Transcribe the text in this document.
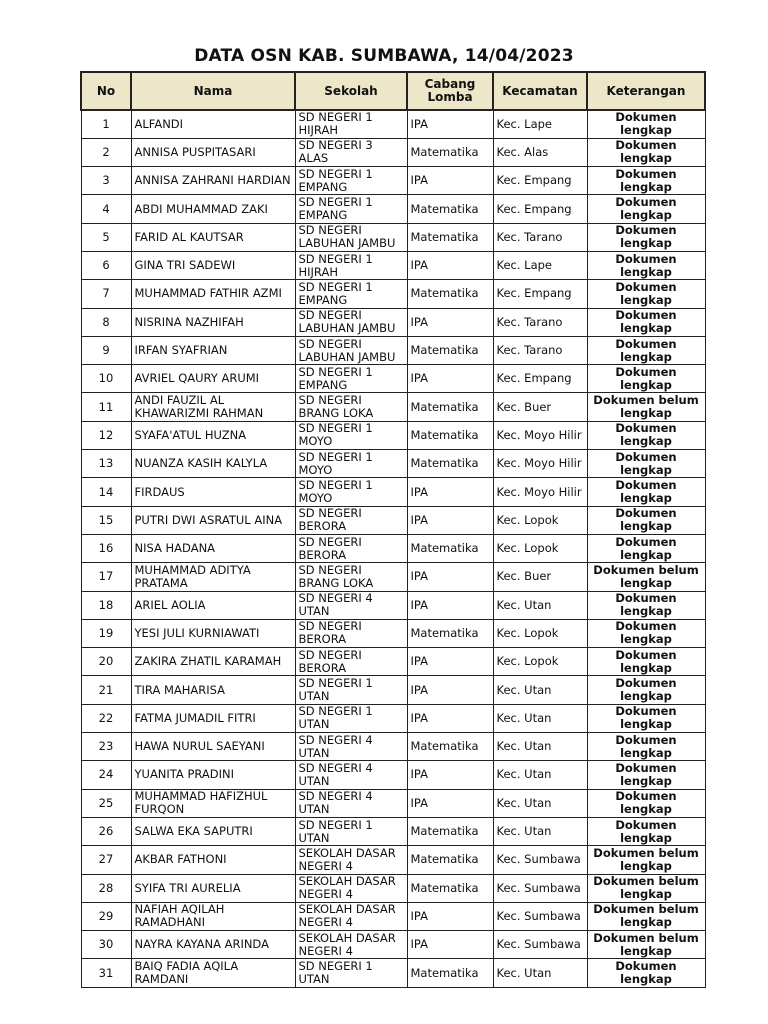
DATA OSN KAB. SUMBAWA, 14/04/2023
No	Nama	Sekolah	Cabang Lomba	Kecamatan	Keterangan
1	ALFANDI	SD NEGERI 1 HIJRAH	IPA	Kec. Lape	Dokumen lengkap
2	ANNISA PUSPITASARI	SD NEGERI 3 ALAS	Matematika	Kec. Alas	Dokumen lengkap
3	ANNISA ZAHRANI HARDIAN	SD NEGERI 1 EMPANG	IPA	Kec. Empang	Dokumen lengkap
4	ABDI MUHAMMAD ZAKI	SD NEGERI 1 EMPANG	Matematika	Kec. Empang	Dokumen lengkap
5	FARID AL KAUTSAR	SD NEGERI LABUHAN JAMBU	Matematika	Kec. Tarano	Dokumen lengkap
6	GINA TRI SADEWI	SD NEGERI 1 HIJRAH	IPA	Kec. Lape	Dokumen lengkap
7	MUHAMMAD FATHIR AZMI	SD NEGERI 1 EMPANG	Matematika	Kec. Empang	Dokumen lengkap
8	NISRINA NAZHIFAH	SD NEGERI LABUHAN JAMBU	IPA	Kec. Tarano	Dokumen lengkap
9	IRFAN SYAFRIAN	SD NEGERI LABUHAN JAMBU	Matematika	Kec. Tarano	Dokumen lengkap
10	AVRIEL QAURY ARUMI	SD NEGERI 1 EMPANG	IPA	Kec. Empang	Dokumen lengkap
11	ANDI FAUZIL AL KHAWARIZMI RAHMAN	SD NEGERI BRANG LOKA	Matematika	Kec. Buer	Dokumen belum lengkap
12	SYAFA'ATUL HUZNA	SD NEGERI 1 MOYO	Matematika	Kec. Moyo Hilir	Dokumen lengkap
13	NUANZA KASIH KALYLA	SD NEGERI 1 MOYO	Matematika	Kec. Moyo Hilir	Dokumen lengkap
14	FIRDAUS	SD NEGERI 1 MOYO	IPA	Kec. Moyo Hilir	Dokumen lengkap
15	PUTRI DWI ASRATUL AINA	SD NEGERI BERORA	IPA	Kec. Lopok	Dokumen lengkap
16	NISA HADANA	SD NEGERI BERORA	Matematika	Kec. Lopok	Dokumen lengkap
17	MUHAMMAD ADITYA PRATAMA	SD NEGERI BRANG LOKA	IPA	Kec. Buer	Dokumen belum lengkap
18	ARIEL AOLIA	SD NEGERI 4 UTAN	IPA	Kec. Utan	Dokumen lengkap
19	YESI JULI KURNIAWATI	SD NEGERI BERORA	Matematika	Kec. Lopok	Dokumen lengkap
20	ZAKIRA ZHATIL KARAMAH	SD NEGERI BERORA	IPA	Kec. Lopok	Dokumen lengkap
21	TIRA MAHARISA	SD NEGERI 1 UTAN	IPA	Kec. Utan	Dokumen lengkap
22	FATMA JUMADIL FITRI	SD NEGERI 1 UTAN	IPA	Kec. Utan	Dokumen lengkap
23	HAWA NURUL SAEYANI	SD NEGERI 4 UTAN	Matematika	Kec. Utan	Dokumen lengkap
24	YUANITA PRADINI	SD NEGERI 4 UTAN	IPA	Kec. Utan	Dokumen lengkap
25	MUHAMMAD HAFIZHUL FURQON	SD NEGERI 4 UTAN	IPA	Kec. Utan	Dokumen lengkap
26	SALWA EKA SAPUTRI	SD NEGERI 1 UTAN	Matematika	Kec. Utan	Dokumen lengkap
27	AKBAR FATHONI	SEKOLAH DASAR NEGERI 4	Matematika	Kec. Sumbawa	Dokumen belum lengkap
28	SYIFA TRI AURELIA	SEKOLAH DASAR NEGERI 4	Matematika	Kec. Sumbawa	Dokumen belum lengkap
29	NAFIAH AQILAH RAMADHANI	SEKOLAH DASAR NEGERI 4	IPA	Kec. Sumbawa	Dokumen belum lengkap
30	NAYRA KAYANA ARINDA	SEKOLAH DASAR NEGERI 4	IPA	Kec. Sumbawa	Dokumen belum lengkap
31	BAIQ FADIA AQILA RAMDANI	SD NEGERI 1 UTAN	Matematika	Kec. Utan	Dokumen lengkap
